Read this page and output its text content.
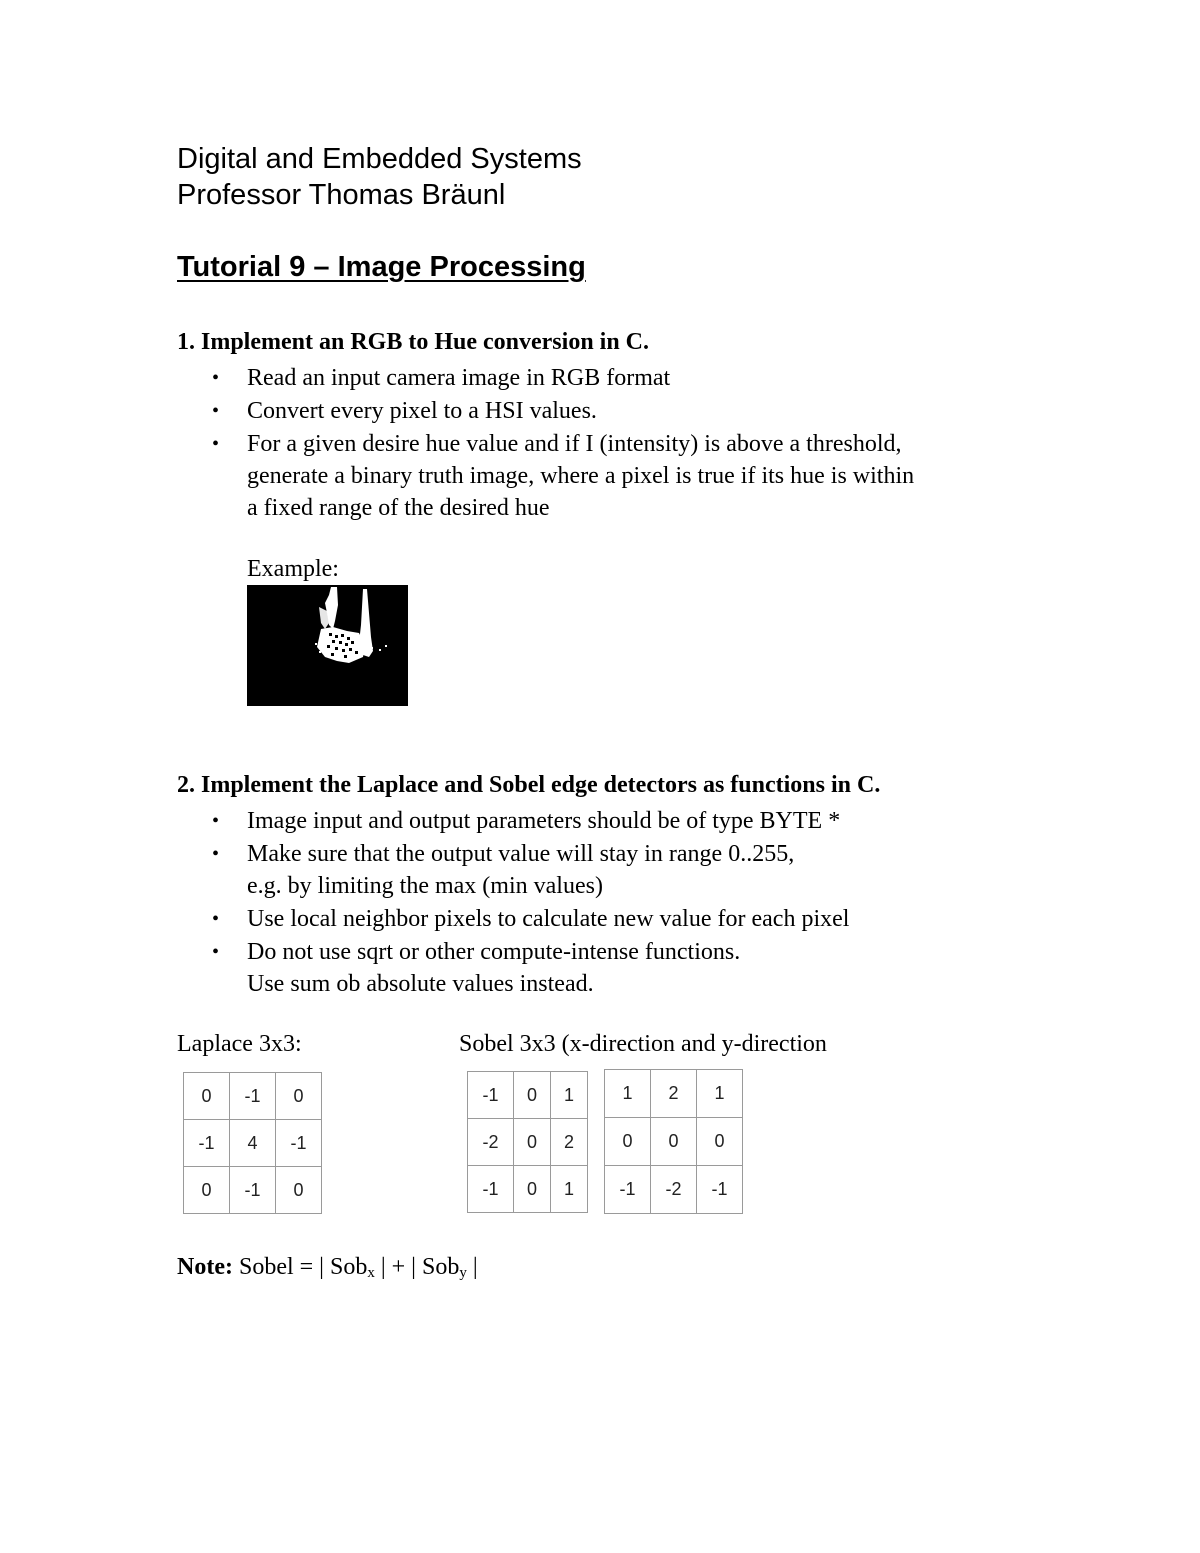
Digital and Embedded Systems
Professor Thomas Bräunl
Tutorial 9 – Image Processing
1. Implement an RGB to Hue conversion in C.
•	Read an input camera image in RGB format
•	Convert every pixel to a HSI values.
•	For a given desire hue value and if I (intensity) is above a threshold,
generate a binary truth image, where a pixel is true if its hue is within
a fixed range of the desired hue
Example:
2. Implement the Laplace and Sobel edge detectors as functions in C.
•	Image input and output parameters should be of type BYTE *
•	Make sure that the output value will stay in range 0..255,
e.g. by limiting the max (min values)
•	Use local neighbor pixels to calculate new value for each pixel
•	Do not use sqrt or other compute-intense functions.
Use sum ob absolute values instead.
Laplace 3x3:	Sobel 3x3 (x-direction and y-direction
0	-1	0
-1	4	-1
0	-1	0
-1	0	1
-2	0	2
-1	0	1
1	2	1
0	0	0
-1	-2	-1
Note: Sobel = | Sob$_x$ | + | Sob$_y$ |
